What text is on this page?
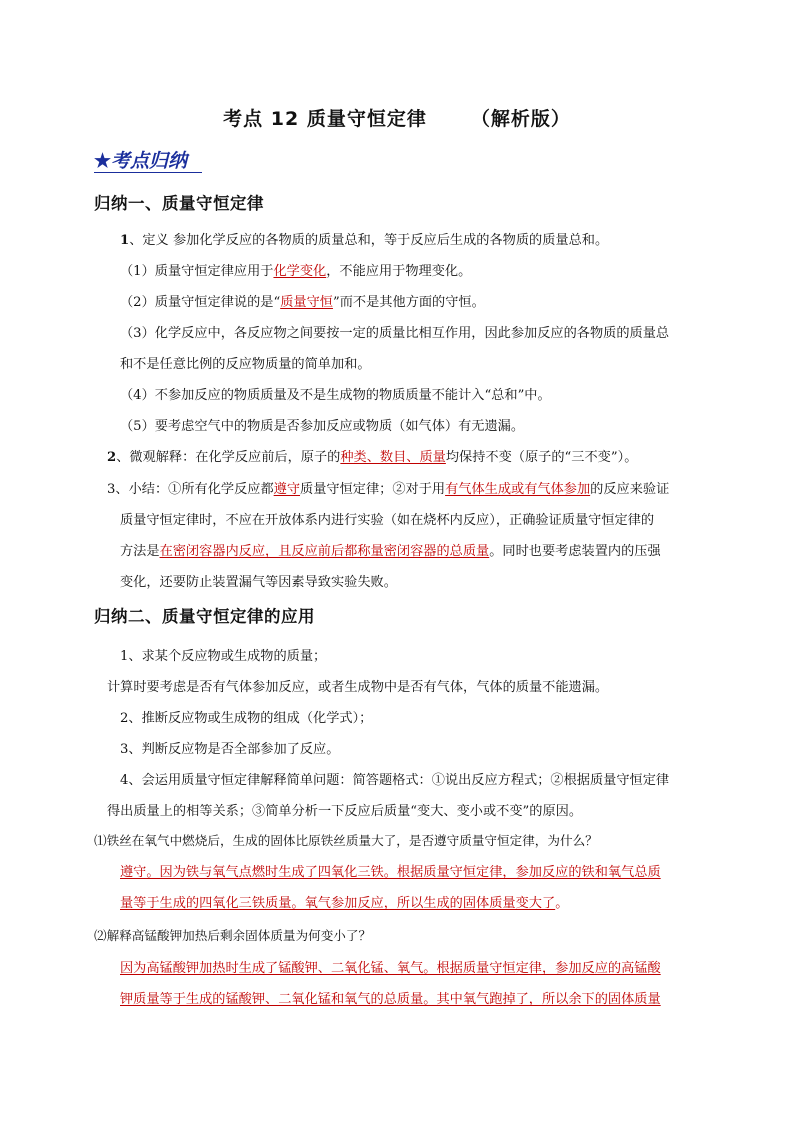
考点 12 质量守恒定律 （解析版）
★考点归纳
归纳一、质量守恒定律
1、定义 参加化学反应的各物质的质量总和，等于反应后生成的各物质的质量总和。
（1）质量守恒定律应用于化学变化，不能应用于物理变化。
（2）质量守恒定律说的是“质量守恒”而不是其他方面的守恒。
（3）化学反应中，各反应物之间要按一定的质量比相互作用，因此参加反应的各物质的质量总
和不是任意比例的反应物质量的简单加和。
（4）不参加反应的物质质量及不是生成物的物质质量不能计入“总和”中。
（5）要考虑空气中的物质是否参加反应或物质（如气体）有无遗漏。
2、微观解释：在化学反应前后，原子的种类、数目、质量均保持不变（原子的“三不变”）。
3、小结：①所有化学反应都遵守质量守恒定律；②对于用有气体生成或有气体参加的反应来验证
质量守恒定律时，不应在开放体系内进行实验（如在烧杯内反应），正确验证质量守恒定律的
方法是在密闭容器内反应，且反应前后都称量密闭容器的总质量。同时也要考虑装置内的压强
变化，还要防止装置漏气等因素导致实验失败。
归纳二、质量守恒定律的应用
1、求某个反应物或生成物的质量；
计算时要考虑是否有气体参加反应，或者生成物中是否有气体，气体的质量不能遗漏。
2、推断反应物或生成物的组成（化学式）；
3、判断反应物是否全部参加了反应。
4、会运用质量守恒定律解释简单问题：简答题格式：①说出反应方程式；②根据质量守恒定律
得出质量上的相等关系；③简单分析一下反应后质量“变大、变小或不变”的原因。
⑴铁丝在氧气中燃烧后，生成的固体比原铁丝质量大了，是否遵守质量守恒定律，为什么？
遵守。因为铁与氧气点燃时生成了四氧化三铁。根据质量守恒定律，参加反应的铁和氧气总质
量等于生成的四氧化三铁质量。氧气参加反应，所以生成的固体质量变大了。
⑵解释高锰酸钾加热后剩余固体质量为何变小了？
因为高锰酸钾加热时生成了锰酸钾、二氧化锰、氧气。根据质量守恒定律，参加反应的高锰酸
钾质量等于生成的锰酸钾、二氧化锰和氧气的总质量。其中氧气跑掉了，所以余下的固体质量
